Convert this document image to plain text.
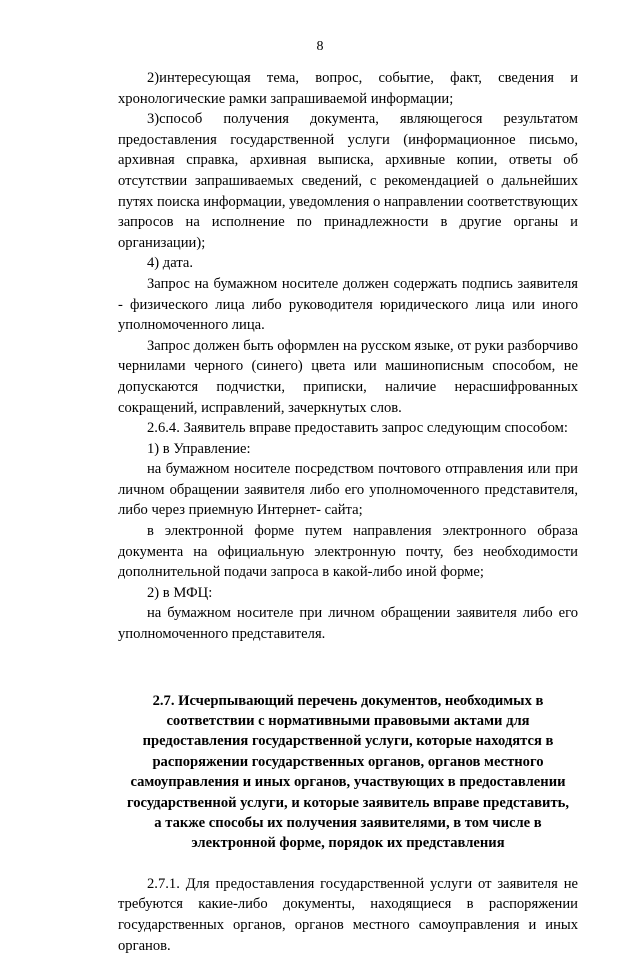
8

2)интересующая тема, вопрос, событие, факт, сведения и хронологические рамки запрашиваемой информации;

3)способ получения документа, являющегося результатом предоставления государственной услуги (информационное письмо, архивная справка, архивная выписка, архивные копии, ответы об отсутствии запрашиваемых сведений, с рекомендацией о дальнейших путях поиска информации, уведомления о направлении соответствующих запросов на исполнение по принадлежности в другие органы и организации);

4) дата.

Запрос на бумажном носителе должен содержать подпись заявителя - физического лица либо руководителя юридического лица или иного уполномоченного лица.

Запрос должен быть оформлен на русском языке, от руки разборчиво чернилами черного (синего) цвета или машинописным способом, не допускаются подчистки, приписки, наличие нерасшифрованных сокращений, исправлений, зачеркнутых слов.

2.6.4. Заявитель вправе предоставить запрос следующим способом:

1) в Управление:

на бумажном носителе посредством почтового отправления или при личном обращении заявителя либо его уполномоченного представителя, либо через приемную Интернет- сайта;

в электронной форме путем направления электронного образа документа на официальную электронную почту, без необходимости дополнительной подачи запроса в какой-либо иной форме;

2) в МФЦ:

на бумажном носителе при личном обращении заявителя либо его уполномоченного представителя.

2.7. Исчерпывающий перечень документов, необходимых в соответствии с нормативными правовыми актами для предоставления государственной услуги, которые находятся в распоряжении государственных органов, органов местного самоуправления и иных органов, участвующих в предоставлении государственной услуги, и которые заявитель вправе представить, а также способы их получения заявителями, в том числе в электронной форме, порядок их представления

2.7.1. Для предоставления государственной услуги от заявителя не требуются какие-либо документы, находящиеся в распоряжении государственных органов, органов местного самоуправления и иных органов.
